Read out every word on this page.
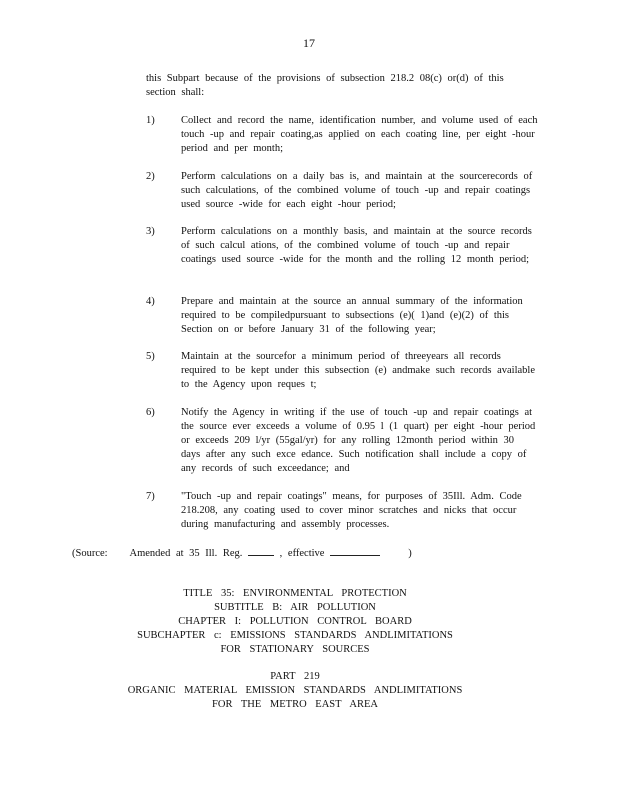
17
this Subpart because of the provisions of subsection 218.2 08(c) or(d) of this section shall:
1)	Collect and record the name, identification number, and volume used of each touch -up and repair coating,as applied on each coating line, per eight -hour period and per month;
2)	Perform calculations on a daily bas is, and maintain at the sourcerecords of such calculations, of the combined volume of touch -up and repair coatings used source -wide for each eight -hour period;
3)	Perform calculations on a monthly basis, and maintain at the source records of such calcul ations, of the combined volume of touch -up and repair coatings used source -wide for the month and the rolling 12 month period;
4)	Prepare and maintain at the source an annual summary of the information required to be compiledpursuant to subsections (e)( 1)and (e)(2) of this Section on or before January 31 of the following year;
5)	Maintain at the sourcefor a minimum period of threeyears all records required to be kept under this subsection (e) andmake such records available to the Agency upon reques t;
6)	Notify the Agency in writing if the use of touch -up and repair coatings at the source ever exceeds a volume of 0.95 l (1 quart) per eight -hour period or exceeds 209 l/yr (55gal/yr) for any rolling 12month period within 30 days after any such exce edance. Such notification shall include a copy of any records of such exceedance; and
7)	"Touch -up and repair coatings" means, for purposes of 35Ill. Adm. Code 218.208, any coating used to cover minor scratches and nicks that occur during manufacturing and assembly processes.
(Source: Amended at 35 Ill. Reg.	, effective	)
TITLE 35: ENVIRONMENTAL PROTECTION
SUBTITLE B: AIR POLLUTION
CHAPTER I: POLLUTION CONTROL BOARD
SUBCHAPTER c: EMISSIONS STANDARDS ANDLIMITATIONS
FOR STATIONARY SOURCES
PART 219
ORGANIC MATERIAL EMISSION STANDARDS ANDLIMITATIONS
FOR THE METRO EAST AREA
